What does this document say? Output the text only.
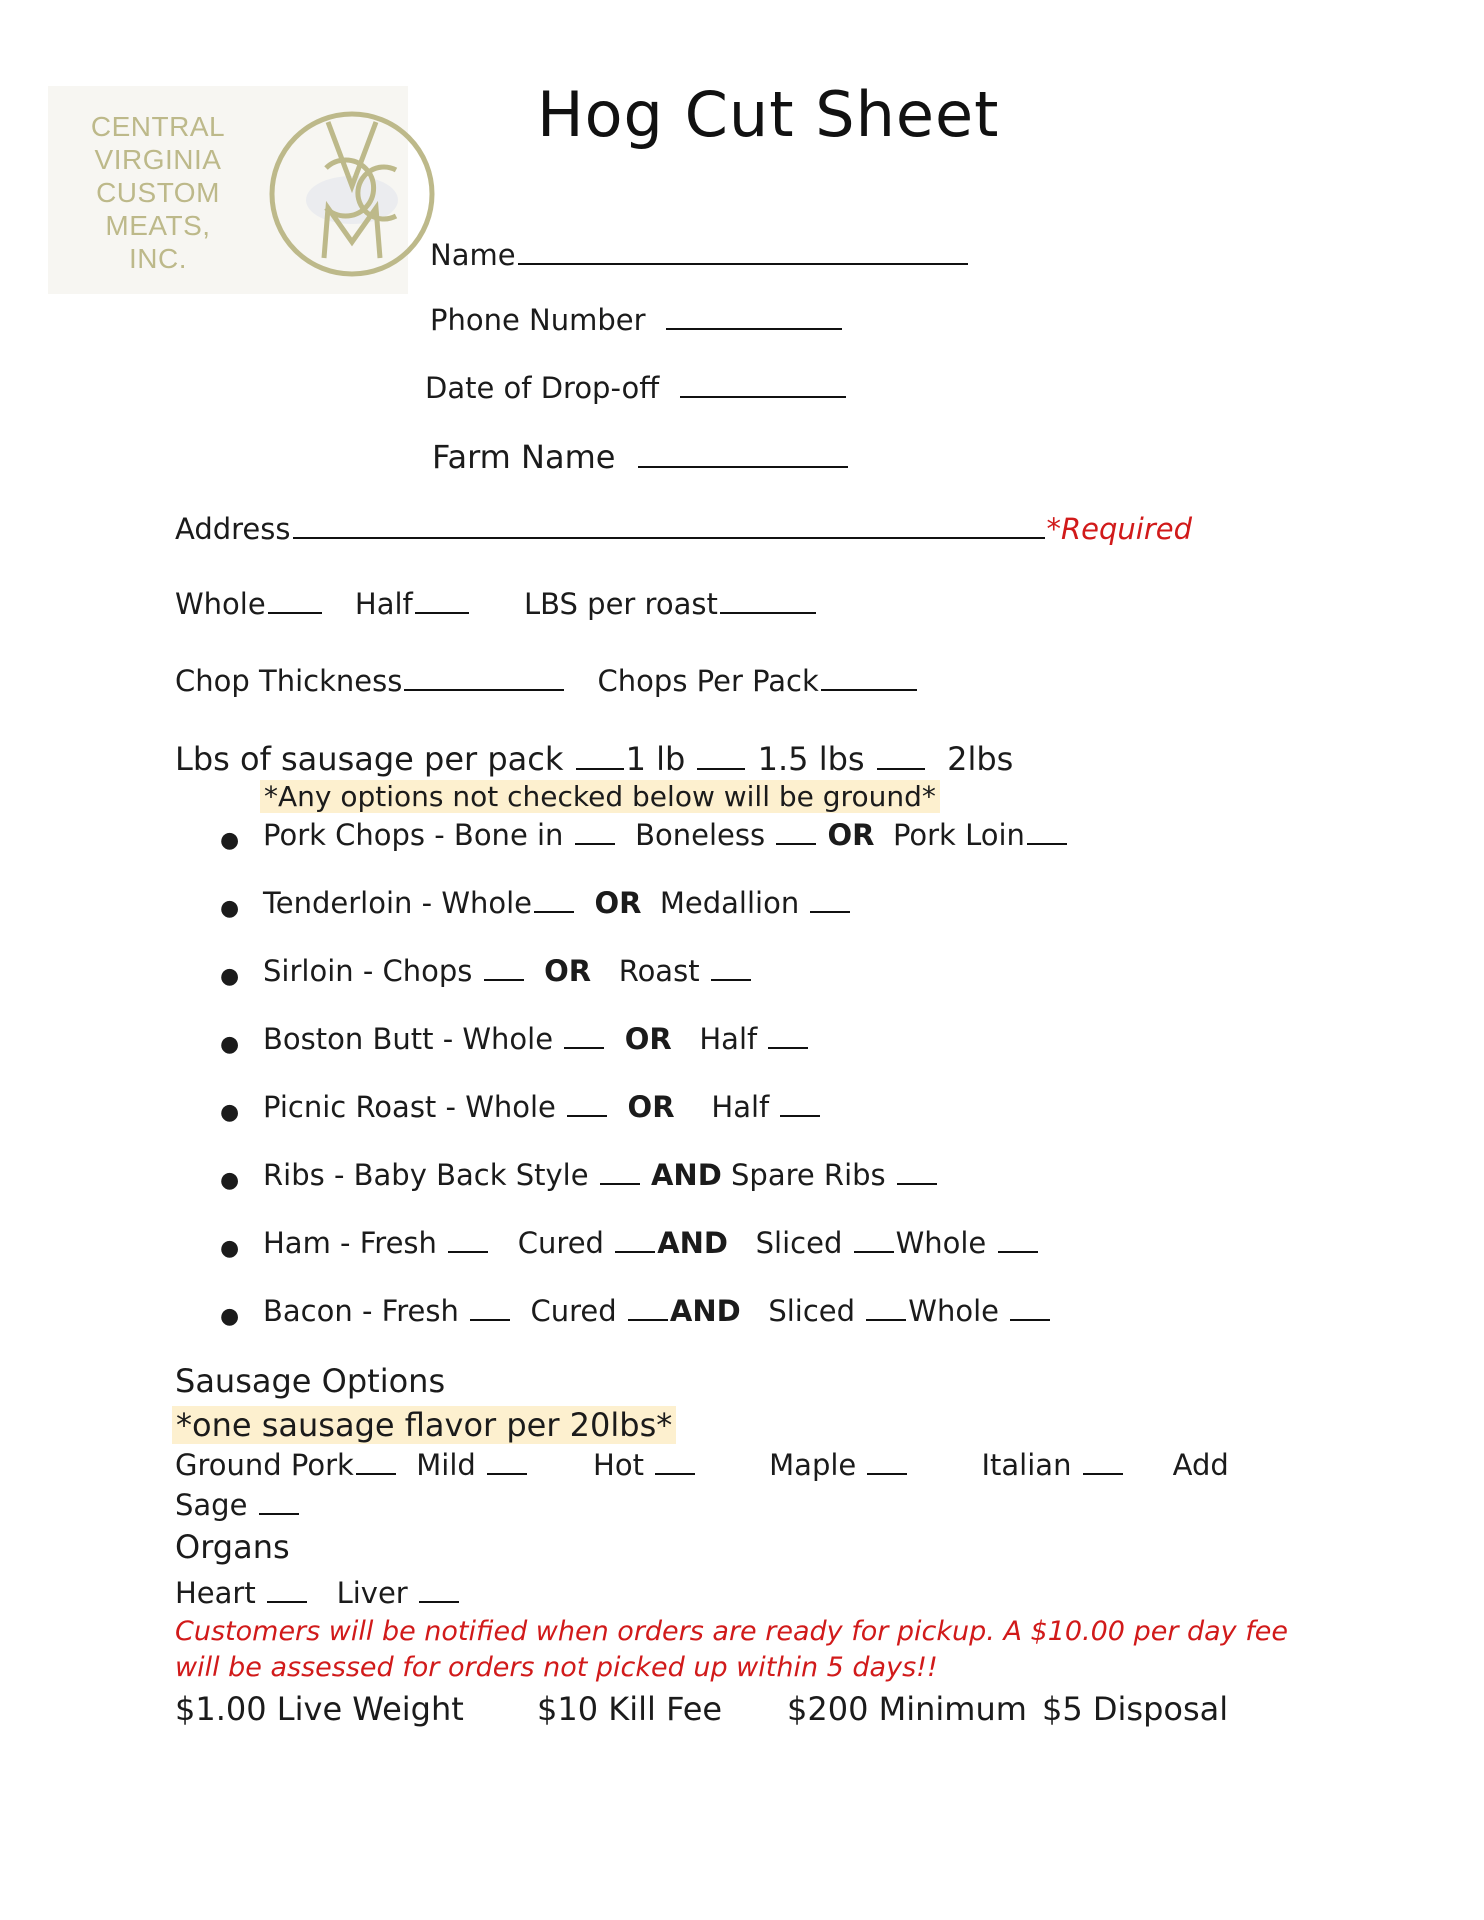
CENTRAL
VIRGINIA
CUSTOM
MEATS,
INC.
Hog Cut Sheet
Name
Phone Number
Date of Drop-off
Farm Name
Address	*Required
Whole	Half	LBS per roast
Chop Thickness	Chops Per Pack
Lbs of sausage per pack 1 lb 1.5 lbs	2lbs
*Any options not checked below will be ground*
● Pork Chops - Bone in Boneless OR Pork Loin
● Tenderloin - Whole OR Medallion
● Sirloin - Chops OR Roast
● Boston Butt - Whole OR Half
● Picnic Roast - Whole OR Half
● Ribs - Baby Back Style AND Spare Ribs
● Ham - Fresh	Cured AND Sliced Whole
● Bacon - Fresh Cured AND Sliced Whole
Sausage Options
*one sausage flavor per 20lbs*
Ground Pork Mild	Hot	Maple	Italian	Add
Sage
Organs
Heart	Liver
Customers will be notified when orders are ready for pickup. A $10.00 per day fee
will be assessed for orders not picked up within 5 days!!
$1.00 Live Weight $10 Kill Fee $200 Minimum $5 Disposal
